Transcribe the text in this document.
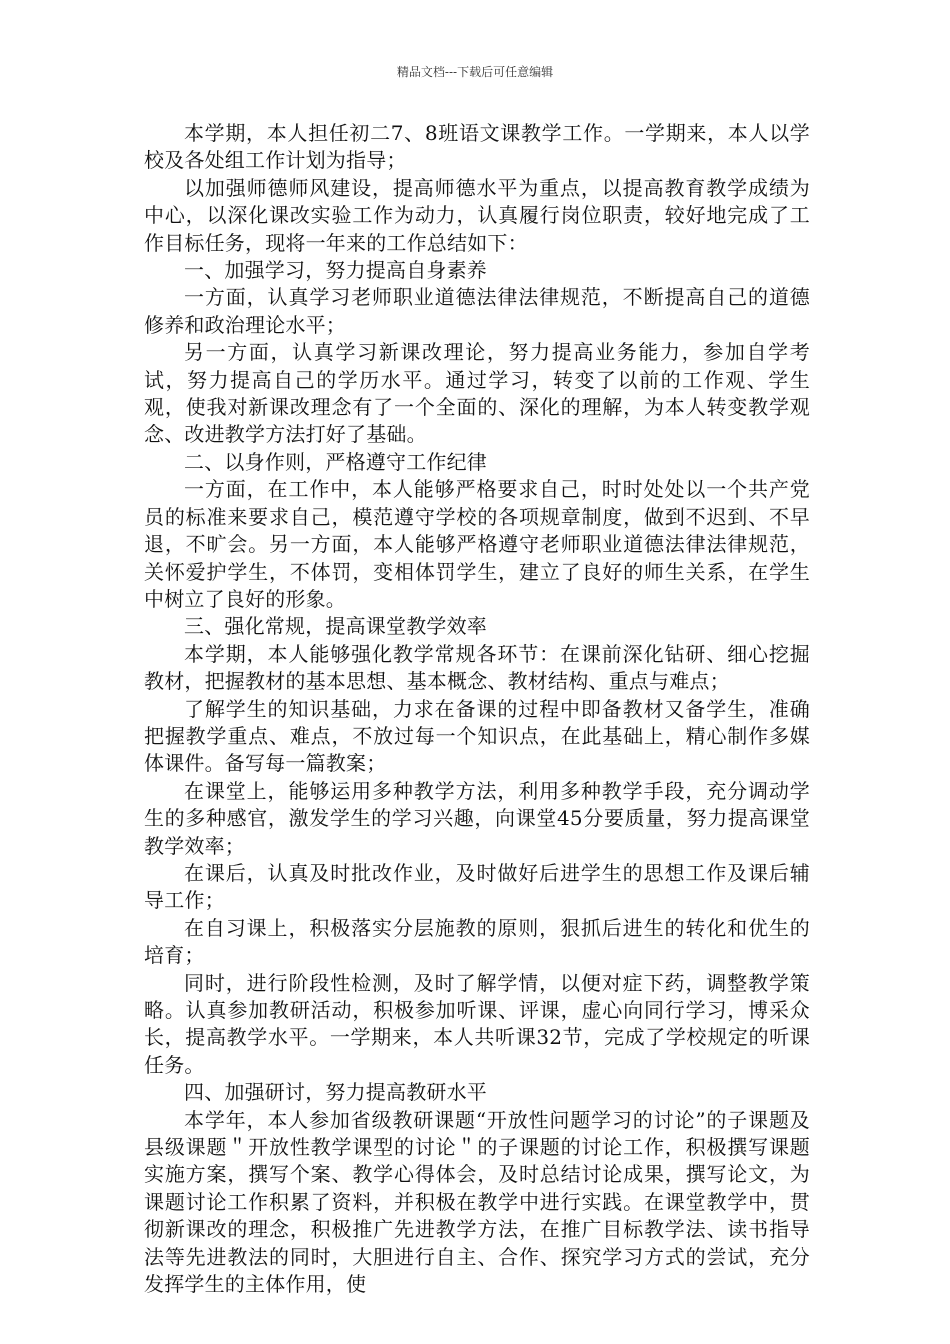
精品文档---下载后可任意编辑

本学期，本人担任初二7、8班语文课教学工作。一学期来，本人以学校及各处组工作计划为指导；

以加强师德师风建设，提高师德水平为重点，以提高教育教学成绩为中心，以深化课改实验工作为动力，认真履行岗位职责，较好地完成了工作目标任务，现将一年来的工作总结如下：

一、加强学习，努力提高自身素养

一方面，认真学习老师职业道德法律法律规范，不断提高自己的道德修养和政治理论水平；

另一方面，认真学习新课改理论，努力提高业务能力，参加自学考试，努力提高自己的学历水平。通过学习，转变了以前的工作观、学生观，使我对新课改理念有了一个全面的、深化的理解，为本人转变教学观念、改进教学方法打好了基础。

二、以身作则，严格遵守工作纪律

一方面，在工作中，本人能够严格要求自己，时时处处以一个共产党员的标准来要求自己，模范遵守学校的各项规章制度，做到不迟到、不早退，不旷会。另一方面，本人能够严格遵守老师职业道德法律法律规范，关怀爱护学生，不体罚，变相体罚学生，建立了良好的师生关系，在学生中树立了良好的形象。

三、强化常规，提高课堂教学效率

本学期，本人能够强化教学常规各环节：在课前深化钻研、细心挖掘教材，把握教材的基本思想、基本概念、教材结构、重点与难点；

了解学生的知识基础，力求在备课的过程中即备教材又备学生，准确把握教学重点、难点，不放过每一个知识点，在此基础上，精心制作多媒体课件。备写每一篇教案；

在课堂上，能够运用多种教学方法，利用多种教学手段，充分调动学生的多种感官，激发学生的学习兴趣，向课堂45分要质量，努力提高课堂教学效率；

在课后，认真及时批改作业，及时做好后进学生的思想工作及课后辅导工作；

在自习课上，积极落实分层施教的原则，狠抓后进生的转化和优生的培育；

同时，进行阶段性检测，及时了解学情，以便对症下药，调整教学策略。认真参加教研活动，积极参加听课、评课，虚心向同行学习，博采众长，提高教学水平。一学期来，本人共听课32节，完成了学校规定的听课任务。

四、加强研讨，努力提高教研水平

本学年，本人参加省级教研课题“开放性问题学习的讨论”的子课题及县级课题＂开放性教学课型的讨论＂的子课题的讨论工作，积极撰写课题实施方案，撰写个案、教学心得体会，及时总结讨论成果，撰写论文，为课题讨论工作积累了资料，并积极在教学中进行实践。在课堂教学中，贯彻新课改的理念，积极推广先进教学方法，在推广目标教学法、读书指导法等先进教法的同时，大胆进行自主、合作、探究学习方式的尝试，充分发挥学生的主体作用，使
